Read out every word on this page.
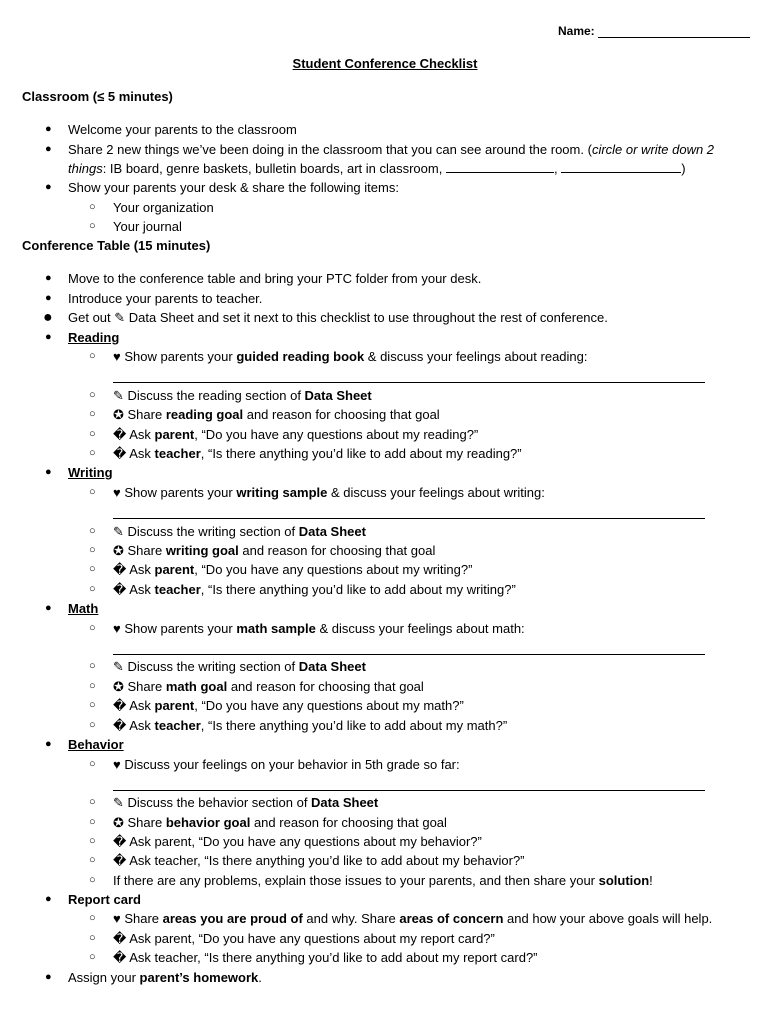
Name:
Student Conference Checklist
Classroom (≤ 5 minutes)
● Welcome your parents to the classroom
● Share 2 new things we’ve been doing in the classroom that you can see around the room. (circle or write down 2
things: IB board, genre baskets, bulletin boards, art in classroom,	,	)
● Show your parents your desk & share the following items:
○ Your organization
○ Your journal
Conference Table (15 minutes)
● Move to the conference table and bring your PTC folder from your desk.
● Introduce your parents to teacher.
● Get out ✎ Data Sheet and set it next to this checklist to use throughout the rest of conference.
● Reading
○ ♥ Show parents your guided reading book & discuss your feelings about reading:
○ ✎ Discuss the reading section of Data Sheet
○ ✪ Share reading goal and reason for choosing that goal
○ � Ask parent, “Do you have any questions about my reading?”
○ � Ask teacher, “Is there anything you’d like to add about my reading?”
● Writing
○ ♥ Show parents your writing sample & discuss your feelings about writing:
○ ✎ Discuss the writing section of Data Sheet
○ ✪ Share writing goal and reason for choosing that goal
○ � Ask parent, “Do you have any questions about my writing?”
○ � Ask teacher, “Is there anything you’d like to add about my writing?”
● Math
○ ♥ Show parents your math sample & discuss your feelings about math:
○ ✎ Discuss the writing section of Data Sheet
○ ✪ Share math goal and reason for choosing that goal
○ � Ask parent, “Do you have any questions about my math?”
○ � Ask teacher, “Is there anything you’d like to add about my math?”
● Behavior
○ ♥ Discuss your feelings on your behavior in 5th grade so far:
○ ✎ Discuss the behavior section of Data Sheet
○ ✪ Share behavior goal and reason for choosing that goal
○ � Ask parent, “Do you have any questions about my behavior?”
○ � Ask teacher, “Is there anything you’d like to add about my behavior?”
○ If there are any problems, explain those issues to your parents, and then share your solution!
● Report card
○ ♥ Share areas you are proud of and why. Share areas of concern and how your above goals will help.
○ � Ask parent, “Do you have any questions about my report card?”
○ � Ask teacher, “Is there anything you’d like to add about my report card?”
● Assign your parent’s homework.
